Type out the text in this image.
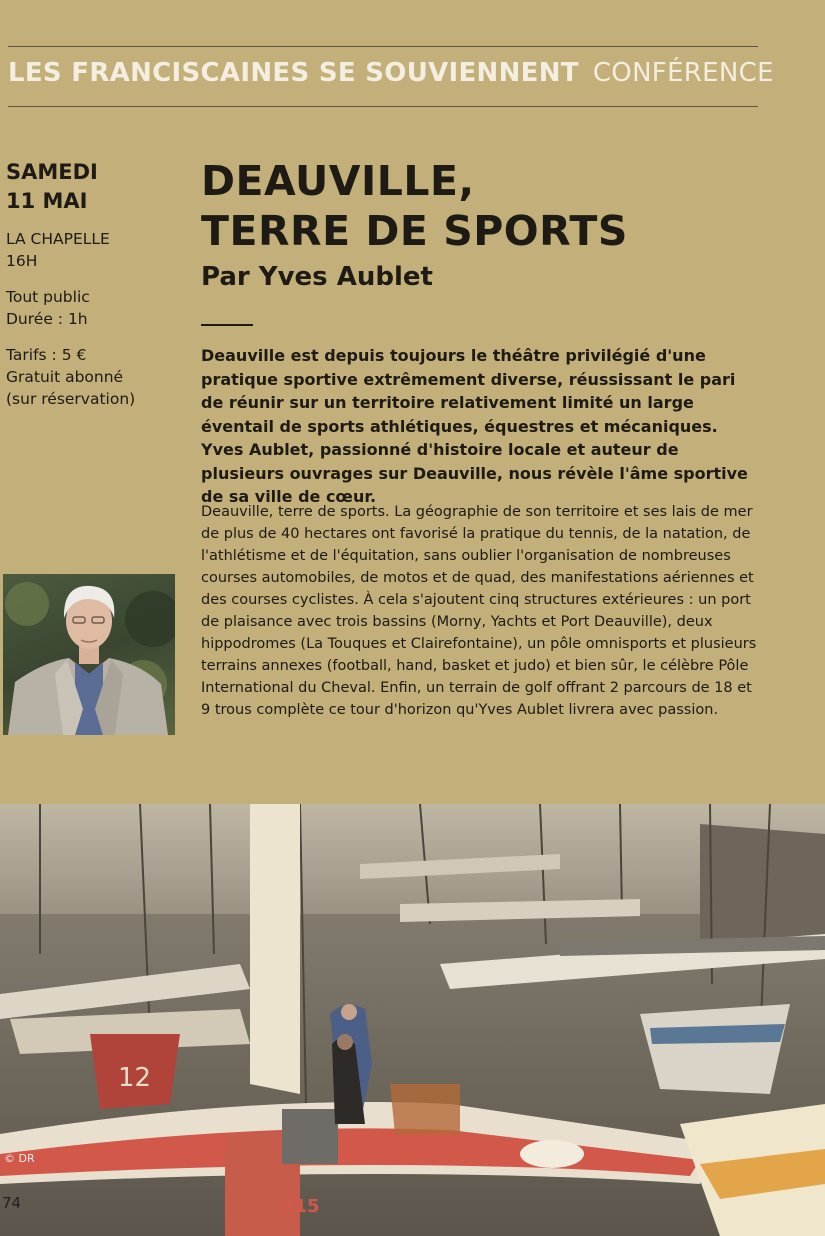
LES FRANCISCAINES SE SOUVIENNENT CONFÉRENCE
SAMEDI
11 MAI

LA CHAPELLE
16H

Tout public
Durée : 1h

Tarifs : 5 €
Gratuit abonné
(sur réservation)

DEAUVILLE,
TERRE DE SPORTS
Par Yves Aublet
Deauville est depuis toujours le théâtre privilégié d'une pratique sportive extrêmement diverse, réussissant le pari de réunir sur un territoire relativement limité un large éventail de sports athlétiques, équestres et mécaniques. Yves Aublet, passionné d'histoire locale et auteur de plusieurs ouvrages sur Deauville, nous révèle l'âme sportive de sa ville de cœur.
Deauville, terre de sports. La géographie de son territoire et ses lais de mer de plus de 40 hectares ont favorisé la pratique du tennis, de la natation, de l'athlétisme et de l'équitation, sans oublier l'organisation de nombreuses courses automobiles, de motos et de quad, des manifestations aériennes et des courses cyclistes. À cela s'ajoutent cinq structures extérieures : un port de plaisance avec trois bassins (Morny, Yachts et Port Deauville), deux hippodromes (La Touques et Clairefontaine), un pôle omnisports et plusieurs terrains annexes (football, hand, basket et judo) et bien sûr, le célèbre Pôle International du Cheval. Enfin, un terrain de golf offrant 2 parcours de 18 et 9 trous complète ce tour d'horizon qu'Yves Aublet livrera avec passion.
12
115
© DR
74
